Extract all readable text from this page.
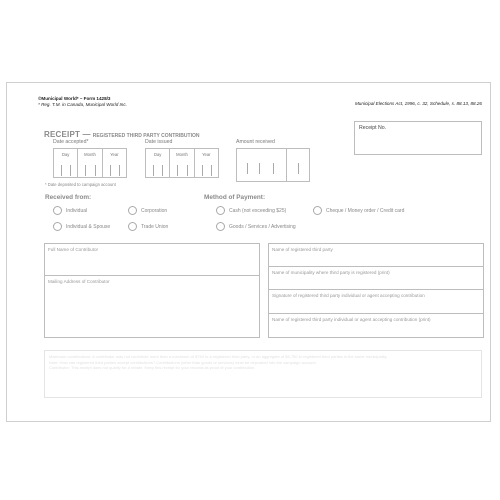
©Municipal World* – Form 1428/3
* Reg. T.M. in Canada, Municipal World Inc.	Municipal Elections Act, 1996, c. 32, Schedule, s. 88.13, 88.26
RECEIPT — REGISTERED THIRD PARTY CONTRIBUTION
Receipt No.
Date accepted*
Day	Month	Year
Date issued
Day	Month	Year
Amount received
* Date deposited to campaign account
Received from:
Individual	Corporation
Individual & Spouse	Trade Union
Method of Payment:
Cash (not exceeding $25)	Cheque / Money order / Credit card
Goods / Services / Advertising
Full Name of Contributor
Mailing Address of Contributor
Name of registered third party
Name of municipality where third party is registered (print)
Signature of registered third party individual or agent accepting contribution
Name of registered third party individual or agent accepting contribution (print)

Maximum contributions: A contributor may not contribute more than a maximum of $750 to a registered third party, or an aggregate of $3,750 to registered third parties in the same municipality.

Note: How can registered third parties accept contributions? Contributions (other than goods or services) must be deposited into the campaign account.

Contributor: This receipt does not qualify for a rebate. Keep this receipt for your records as proof of your contribution.
